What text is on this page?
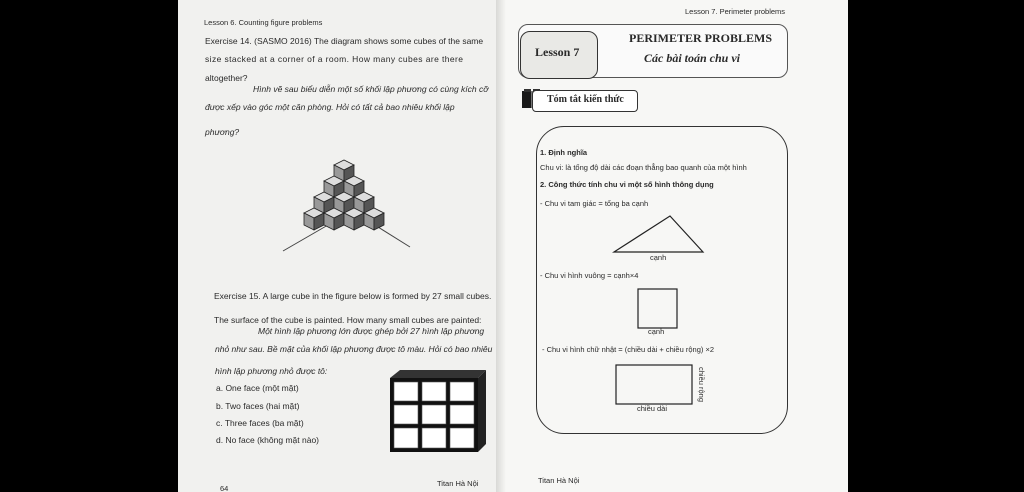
Lesson 6. Counting figure problems
Exercise 14. (SASMO 2016) The diagram shows some cubes of the same
size stacked at a corner of a room. How many cubes are there
altogether?
Hình vẽ sau biểu diễn một số khối lập phương có cùng kích cỡ
được xếp vào góc một căn phòng. Hỏi có tất cả bao nhiêu khối lập
phương?
Exercise 15. A large cube in the figure below is formed by 27 small cubes.
The surface of the cube is painted. How many small cubes are painted:
Một hình lập phương lớn được ghép bởi 27 hình lập phương
nhỏ như sau. Bề mặt của khối lập phương được tô màu. Hỏi có bao nhiêu
hình lập phương nhỏ được tô:
a. One face (một mặt)
b. Two faces (hai mặt)
c. Three faces (ba mặt)
d. No face (không mặt nào)
64
Titan Hà Nội
Lesson 7. Perimeter problems
Lesson 7
PERIMETER PROBLEMS
Các bài toán chu vi
Tóm tắt kiến thức
1. Định nghĩa
Chu vi: là tổng độ dài các đoạn thẳng bao quanh của một hình
2. Công thức tính chu vi một số hình thông dụng
- Chu vi tam giác = tổng ba cạnh
cạnh
- Chu vi hình vuông = cạnh×4
cạnh
- Chu vi hình chữ nhật = (chiều dài + chiều rộng) ×2
chiều dài
chiều rộng
Titan Hà Nội
